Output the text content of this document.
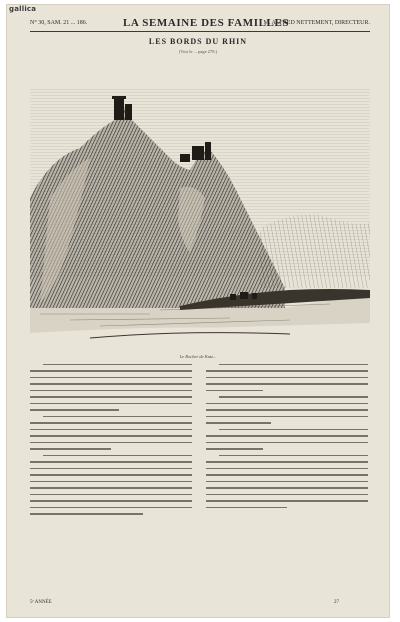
gallica
N° 30, SAM. 21 ... 186.	LA SEMAINE DES FAMILLES
M. ALFRED NETTEMENT, DIRECTEUR.
LES BORDS DU RHIN
(Voir le ... page 278.)
Le Rocher de Katz...
5ᵉ ANNÉE	27
